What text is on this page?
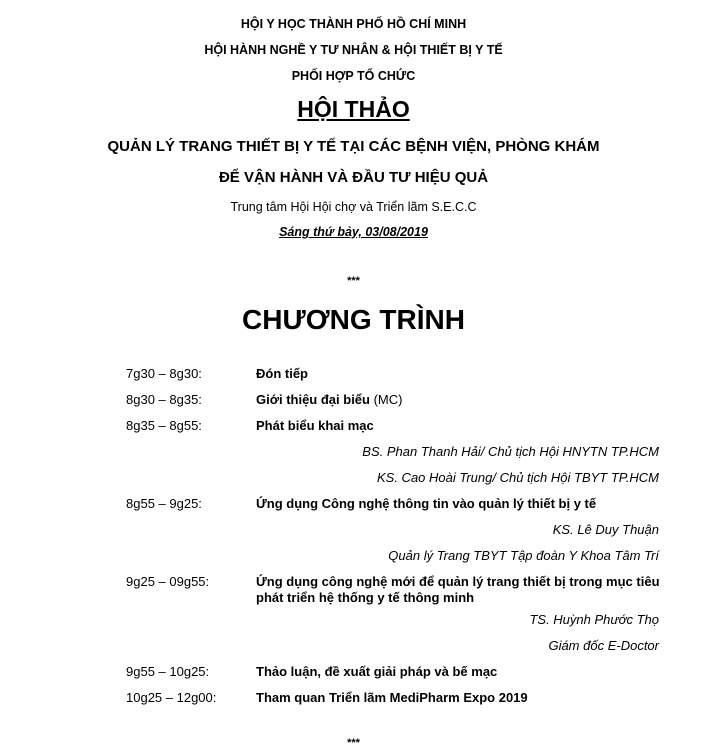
HỘI Y HỌC THÀNH PHỐ HỒ CHÍ MINH
HỘI HÀNH NGHỀ Y TƯ NHÂN & HỘI THIẾT BỊ Y TẾ
PHỐI HỢP TỔ CHỨC
HỘI THẢO
QUẢN LÝ TRANG THIẾT BỊ Y TẾ TẠI CÁC BỆNH VIỆN, PHÒNG KHÁM
ĐỂ VẬN HÀNH VÀ ĐẦU TƯ HIỆU QUẢ
Trung tâm Hội Hội chợ và Triển lãm S.E.C.C
Sáng thứ bảy, 03/08/2019
***
CHƯƠNG TRÌNH
7g30 – 8g30:	Đón tiếp
8g30 – 8g35:	Giới thiệu đại biểu (MC)
8g35 – 8g55:	Phát biểu khai mạc
BS. Phan Thanh Hải/ Chủ tịch Hội HNYTN TP.HCM
KS. Cao Hoài Trung/ Chủ tịch Hội TBYT TP.HCM
8g55 – 9g25:	Ứng dụng Công nghệ thông tin vào quản lý thiết bị y tế
KS. Lê Duy Thuận
Quản lý Trang TBYT Tập đoàn Y Khoa Tâm Trí
9g25 – 09g55:	Ứng dụng công nghệ mới để quản lý trang thiết bị trong mục tiêu phát triển hệ thống y tế thông minh
TS. Huỳnh Phước Thọ
Giám đốc E-Doctor
9g55 – 10g25:	Thảo luận, đề xuất giải pháp và bế mạc
10g25 – 12g00:	Tham quan Triển lãm MediPharm Expo 2019
***
